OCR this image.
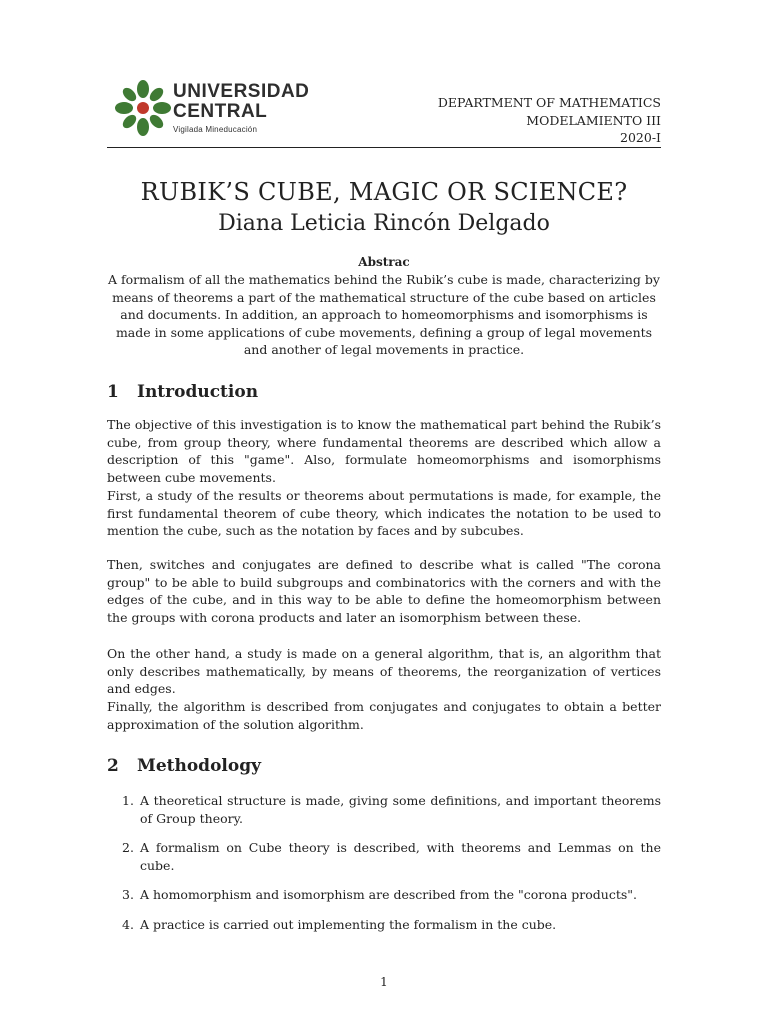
UNIVERSIDAD
CENTRAL
Vigilada Mineducación
DEPARTMENT OF MATHEMATICS
MODELAMIENTO III
2020-I
RUBIK’S CUBE, MAGIC OR SCIENCE?
Diana Leticia Rincón Delgado
Abstrac
A formalism of all the mathematics behind the Rubik’s cube is made, characterizing by means of theorems a part of the mathematical structure of the cube based on articles and documents. In addition, an approach to homeomorphisms and isomorphisms is made in some applications of cube movements, defining a group of legal movements and another of legal movements in practice.
1 Introduction

The objective of this investigation is to know the mathematical part behind the Rubik’s cube, from group theory, where fundamental theorems are described which allow a description of this "game". Also, formulate homeomorphisms and isomorphisms between cube movements.

First, a study of the results or theorems about permutations is made, for example, the first fundamental theorem of cube theory, which indicates the notation to be used to mention the cube, such as the notation by faces and by subcubes.

Then, switches and conjugates are defined to describe what is called "The corona group" to be able to build subgroups and combinatorics with the corners and with the edges of the cube, and in this way to be able to define the homeomorphism between the groups with corona products and later an isomorphism between these.

On the other hand, a study is made on a general algorithm, that is, an algorithm that only describes mathematically, by means of theorems, the reorganization of vertices and edges.

Finally, the algorithm is described from conjugates and conjugates to obtain a better approximation of the solution algorithm.

2 Methodology
1. A theoretical structure is made, giving some definitions, and important theorems of Group theory.
2. A formalism on Cube theory is described, with theorems and Lemmas on the cube.
3. A homomorphism and isomorphism are described from the "corona products".
4. A practice is carried out implementing the formalism in the cube.
1
